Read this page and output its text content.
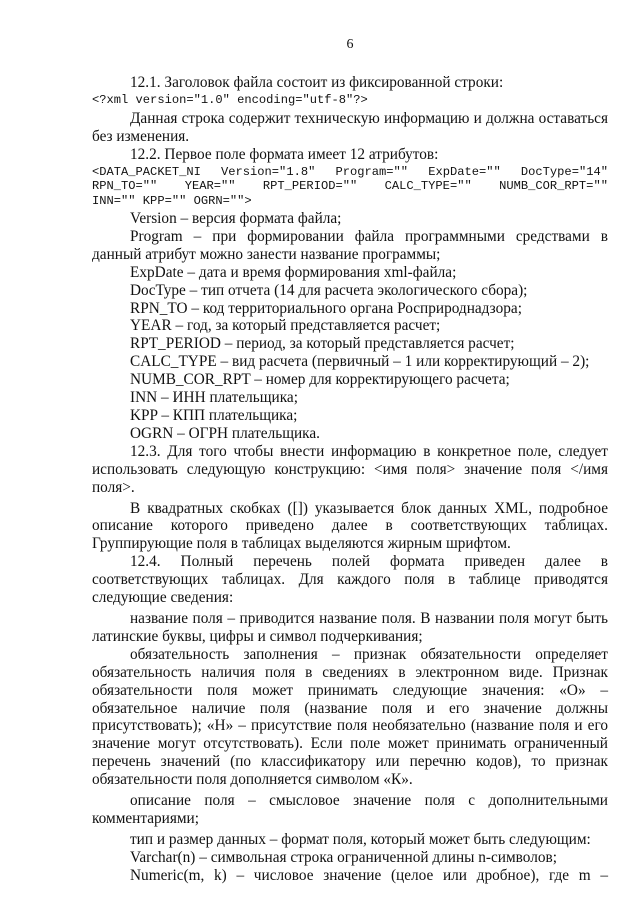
6

12.1. Заголовок файла состоит из фиксированной строки:

<?xml version="1.0" encoding="utf-8"?>

Данная строка содержит техническую информацию и должна оставаться без изменения.

12.2. Первое поле формата имеет 12 атрибутов:

<DATA_PACKET_NI Version="1.8" Program="" ExpDate="" DocType="14"
RPN_TO="" YEAR="" RPT_PERIOD="" CALC_TYPE="" NUMB_COR_RPT=""
INN="" KPP="" OGRN="">

Version – версия формата файла;

Program – при формировании файла программными средствами в данный атрибут можно занести название программы;

ExpDate – дата и время формирования xml-файла;

DocType – тип отчета (14 для расчета экологического сбора);

RPN_TO – код территориального органа Росприроднадзора;

YEAR – год, за который представляется расчет;

RPT_PERIOD – период, за который представляется расчет;

CALC_TYPE – вид расчета (первичный – 1 или корректирующий – 2);

NUMB_COR_RPT – номер для корректирующего расчета;

INN – ИНН плательщика;

KPP – КПП плательщика;

OGRN – ОГРН плательщика.

12.3. Для того чтобы внести информацию в конкретное поле, следует использовать следующую конструкцию: <имя поля> значение поля </имя поля>.

В квадратных скобках ([]) указывается блок данных XML, подробное описание которого приведено далее в соответствующих таблицах. Группирующие поля в таблицах выделяются жирным шрифтом.

12.4. Полный перечень полей формата приведен далее в соответствующих таблицах. Для каждого поля в таблице приводятся следующие сведения:

название поля – приводится название поля. В названии поля могут быть латинские буквы, цифры и символ подчеркивания;

обязательность заполнения – признак обязательности определяет обязательность наличия поля в сведениях в электронном виде. Признак обязательности поля может принимать следующие значения: «О» – обязательное наличие поля (название поля и его значение должны присутствовать); «Н» – присутствие поля необязательно (название поля и его значение могут отсутствовать). Если поле может принимать ограниченный перечень значений (по классификатору или перечню кодов), то признак обязательности поля дополняется символом «К».

описание поля – смысловое значение поля с дополнительными комментариями;

тип и размер данных – формат поля, который может быть следующим:

Varchar(n) – символьная строка ограниченной длины n-символов;

Numeric(m, k) – числовое значение (целое или дробное), где m –
